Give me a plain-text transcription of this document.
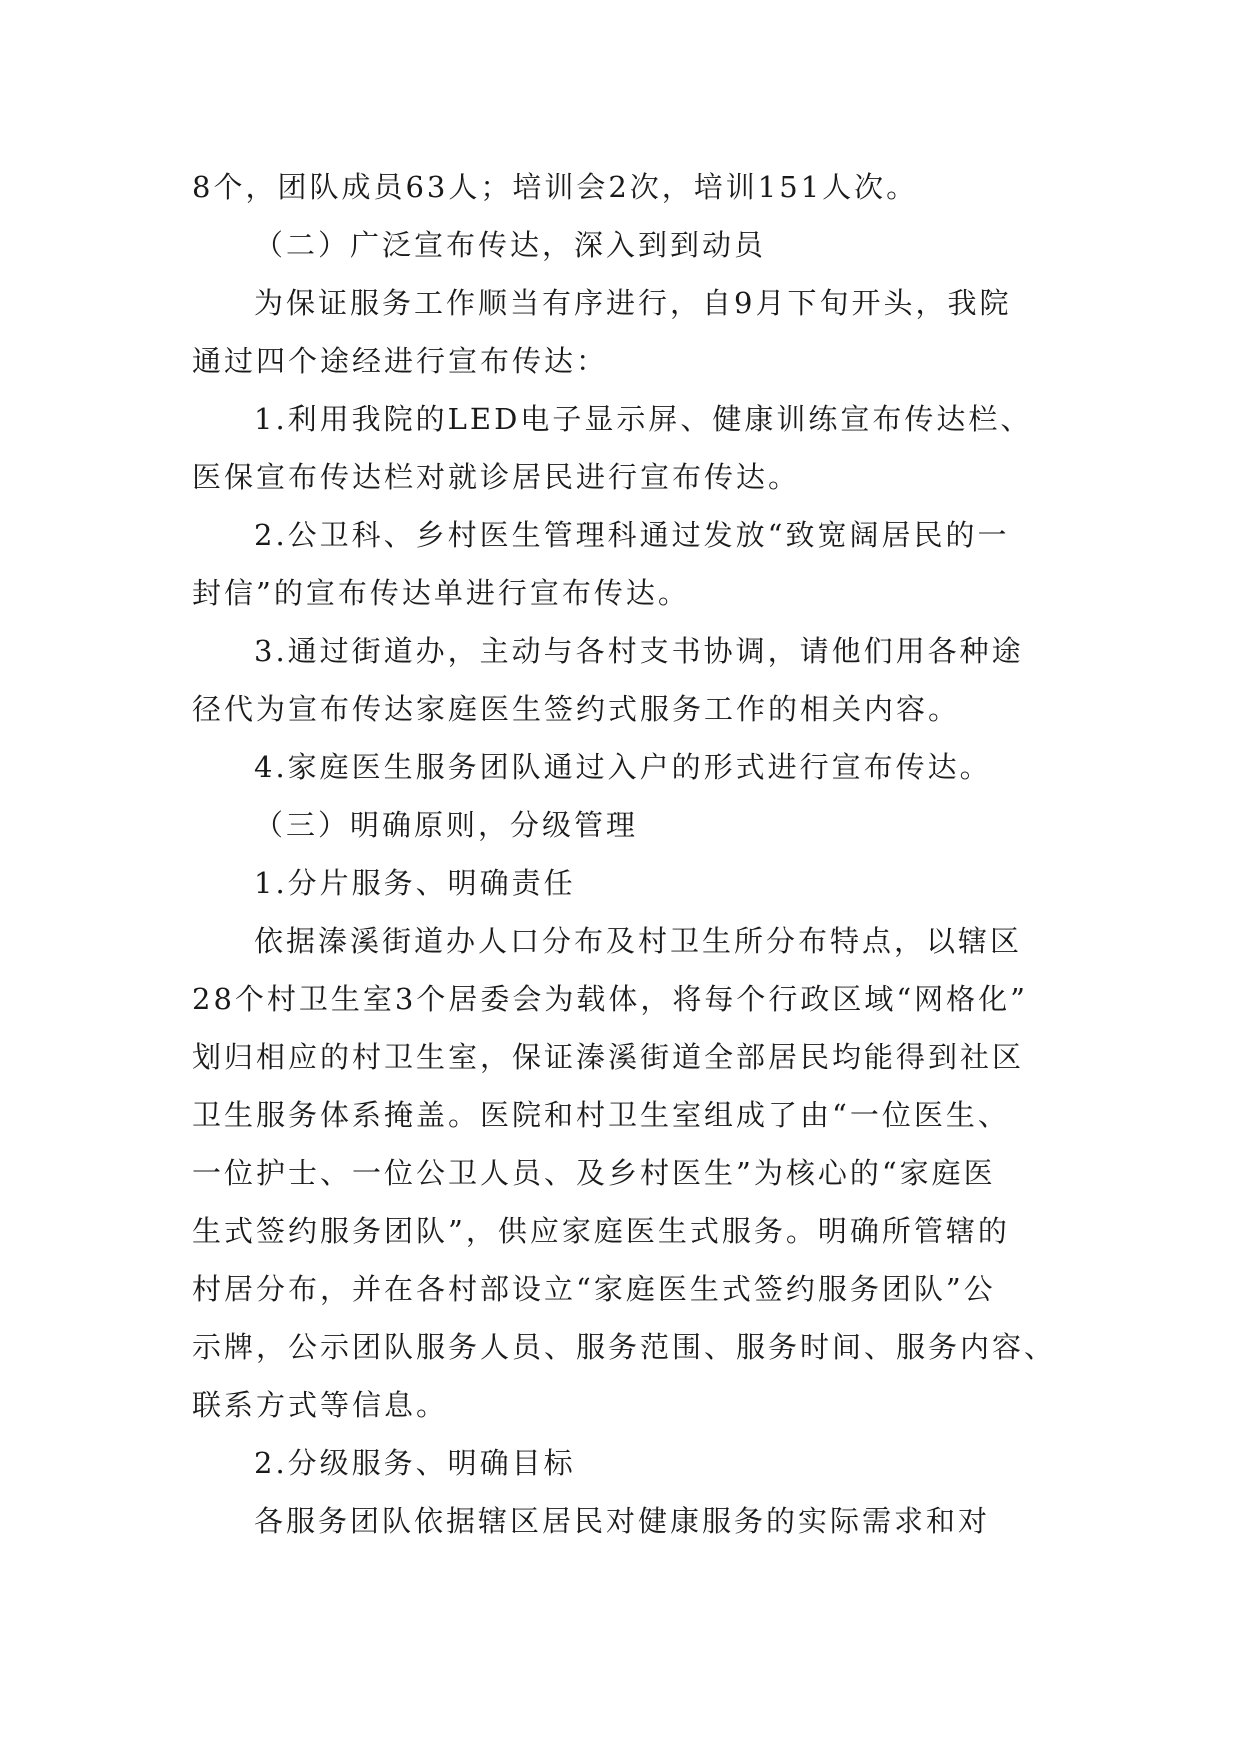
8个，团队成员63人；培训会2次，培训151人次。
（二）广泛宣布传达，深入到到动员
为保证服务工作顺当有序进行，自9月下旬开头，我院
通过四个途经进行宣布传达：
1.利用我院的LED电子显示屏、健康训练宣布传达栏、
医保宣布传达栏对就诊居民进行宣布传达。
2.公卫科、乡村医生管理科通过发放“致宽阔居民的一
封信”的宣布传达单进行宣布传达。
3.通过街道办，主动与各村支书协调，请他们用各种途
径代为宣布传达家庭医生签约式服务工作的相关内容。
4.家庭医生服务团队通过入户的形式进行宣布传达。
（三）明确原则，分级管理
1.分片服务、明确责任
依据溱溪街道办人口分布及村卫生所分布特点，以辖区
28个村卫生室3个居委会为载体，将每个行政区域“网格化”
划归相应的村卫生室，保证溱溪街道全部居民均能得到社区
卫生服务体系掩盖。医院和村卫生室组成了由“一位医生、
一位护士、一位公卫人员、及乡村医生”为核心的“家庭医
生式签约服务团队”，供应家庭医生式服务。明确所管辖的
村居分布，并在各村部设立“家庭医生式签约服务团队”公
示牌，公示团队服务人员、服务范围、服务时间、服务内容、
联系方式等信息。
2.分级服务、明确目标
各服务团队依据辖区居民对健康服务的实际需求和对
